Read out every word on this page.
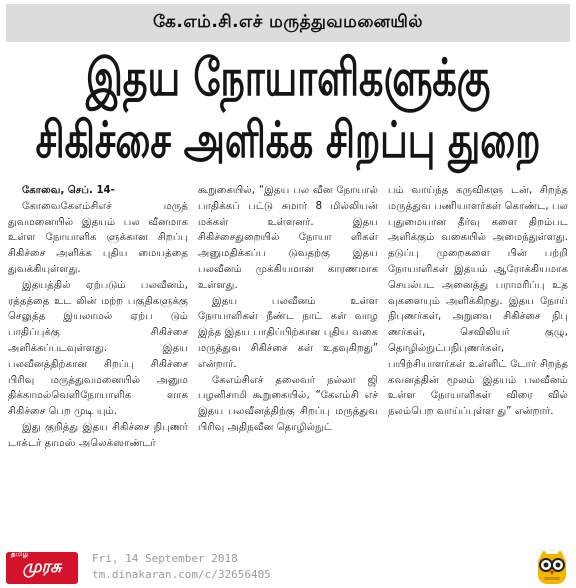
கே.எம்.சி.எச் மருத்துவமனையில்
இதய நோயாளிகளுக்கு
சிகிச்சை அளிக்க சிறப்பு துறை

கோவை, செப். 14-

கோவைகேஎம்சிஎச் மருத் துவமனையில் இதயம் பல வீனமாக உள்ள நோயாளிக ளுக்கான சிறப்பு சிகிச்சை அளிக்க புதிய மையத்தை துவக்கியுள்ளது.

இதயத்தில் ஏற்படும் பலவீனம், ரத்தத்தை உட லின் மற்ற பகுதிகளுக்கு செலுத்த இயலாமல் ஏற்ப டும் பாதிப்புக்கு சிகிச்சை அளிக்கப்படவுள்ளது. இதய பலவீனத்திற்கான சிறப்பு சிகிச்சை பிரிவு மருத்துவமனையில் அனும திக்காமல்வெளிநோயாளிக ளாக சிகிச்சை பெற முடி யும்.

இது குறித்து இதய சிகிச்சை நிபுணர் டாக்டர் தாமஸ் அலெக்ஸாண்டர்

கூறுகையில், “இதய பல வீன நோயால் பாதிக்கப் பட்டு சுமார் 8 மில்லியன் மக்கள் உள்ளனர். இதய சிகிச்சைதுறையில் நோயா ளிகள் அனுமதிக்கப்ப டுவதற்கு இதய பலவீனம் முக்கியமான காரணமாக உள்ளது.

இதய பலவீனம் உள்ள நோயாளிகள் நீண்ட நாட் கள் வாழ இந்த இதய பாதிப்பிற்கான புதிய வகை மருத்துவ சிகிச்சை கள் உதவுகிறது” என்றார்.

கேஎம்சிஎச் தலைவர் நல்லா ஜி பழனிசாமி கூறுகையில், “கேஎம்சி எச் இதய பலவீனத்திற்கு சிறப்பு மருத்துவ பிரிவு அதிநவீன தொழில்நுட்

பம் வாய்ந்த கருவிகளு டன், சிறந்த மருத்துவ பணியாளர்கள் கொண்ட, பல புதுமையான தீர்வு களை திறம்பட அளிக்கும் வகையில் அமைந்துள்ளது. தடுப்பு முறைகளை பின் பற்றி நோயாளிகள் இதயம் ஆரோக்கியமாக செயல்பட அனைத்து பராமரிப்பு உத வுகளையும் அளிக்கிறது. இதய நோய் நிபுணர்கள், அறுவை சிகிச்சை நிபு ணர்கள், செவிலியர் குழு, தொழில்நுட்பநிபுணர்கள், பயிற்சியாளர்கள் உள்ளிட் டோர் சிறந்த கவனத்தின் மூலம் இதயம் பலவீனம் உள்ள நோயாளிகள் விரை வில் நலம்பெற வாய்ப்புள்ள து” என்றார்.

தமிழ்
முரசு	Fri, 14 September 2018
tm.dinakaran.com/c/32656405
